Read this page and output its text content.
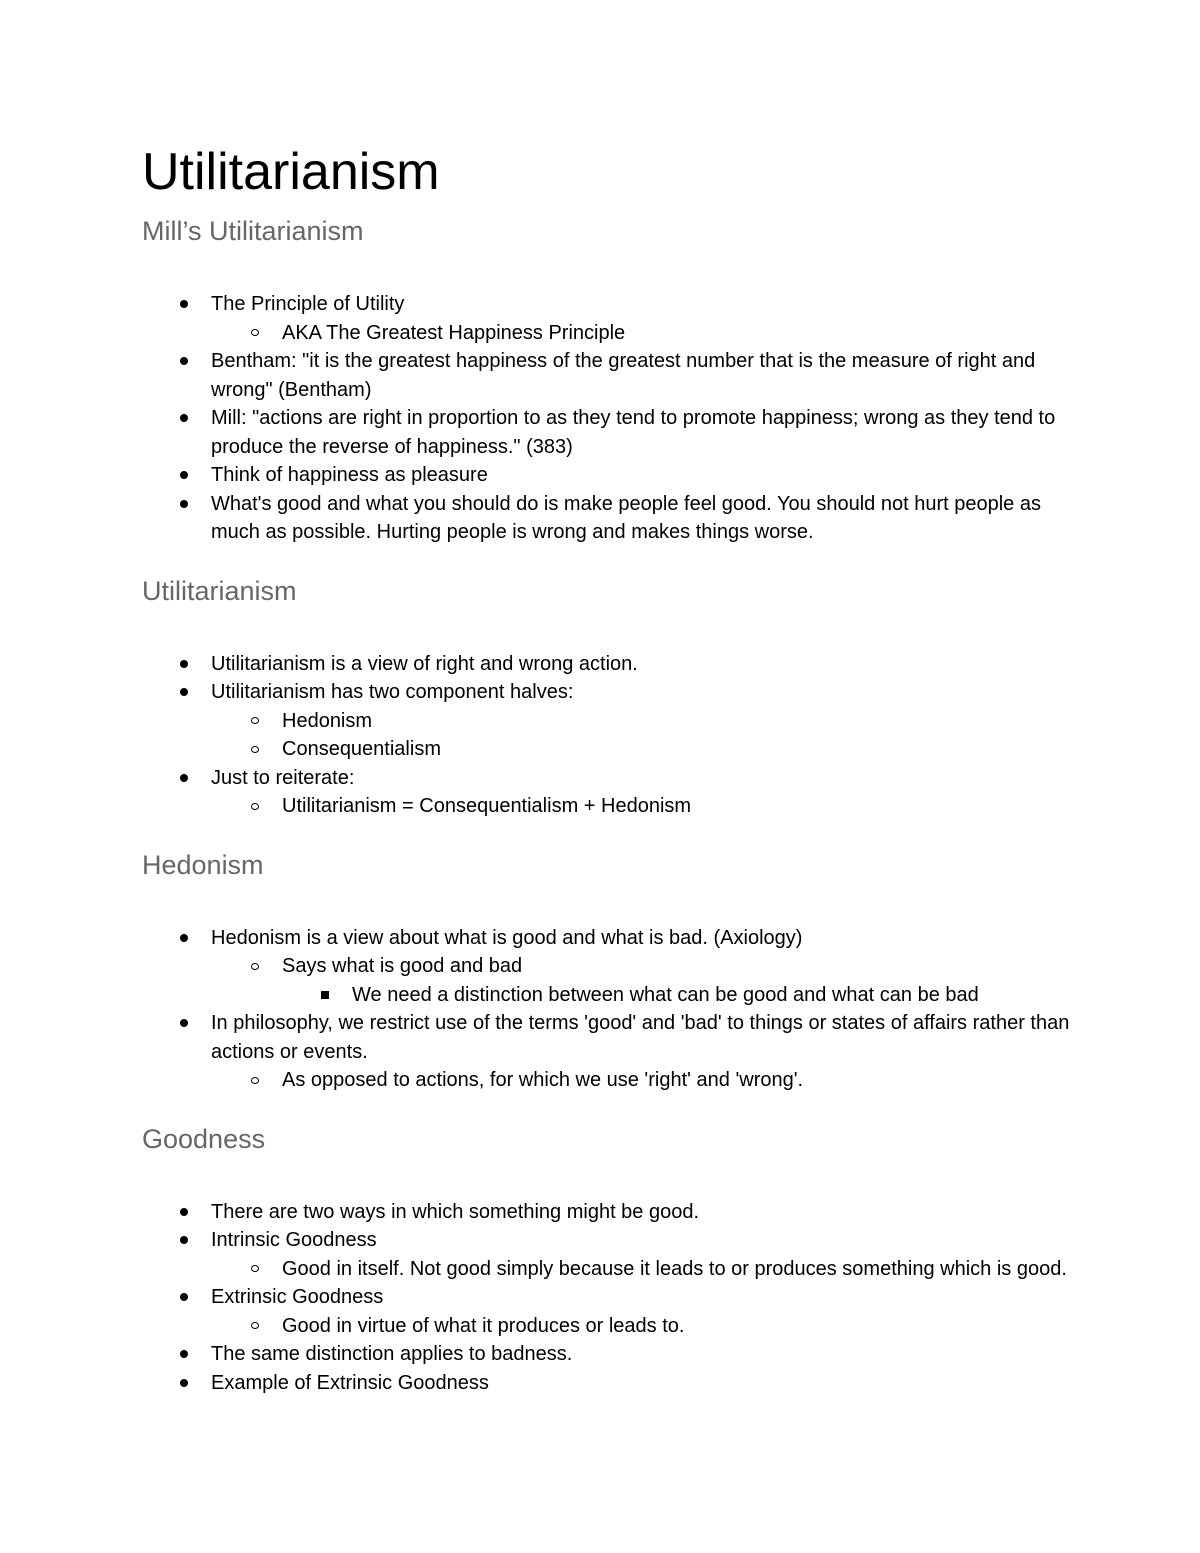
Utilitarianism
Mill’s Utilitarianism
The Principle of Utility
AKA The Greatest Happiness Principle
Bentham: "it is the greatest happiness of the greatest number that is the measure of right and wrong" (Bentham)
Mill: "actions are right in proportion to as they tend to promote happiness; wrong as they tend to produce the reverse of happiness." (383)
Think of happiness as pleasure
What's good and what you should do is make people feel good. You should not hurt people as much as possible. Hurting people is wrong and makes things worse.
Utilitarianism
Utilitarianism is a view of right and wrong action.
Utilitarianism has two component halves:
Hedonism
Consequentialism
Just to reiterate:
Utilitarianism = Consequentialism + Hedonism
Hedonism
Hedonism is a view about what is good and what is bad. (Axiology)
Says what is good and bad
We need a distinction between what can be good and what can be bad
In philosophy, we restrict use of the terms 'good' and 'bad' to things or states of affairs rather than actions or events.
As opposed to actions, for which we use 'right' and 'wrong'.
Goodness
There are two ways in which something might be good.
Intrinsic Goodness
Good in itself. Not good simply because it leads to or produces something which is good.
Extrinsic Goodness
Good in virtue of what it produces or leads to.
The same distinction applies to badness.
Example of Extrinsic Goodness
